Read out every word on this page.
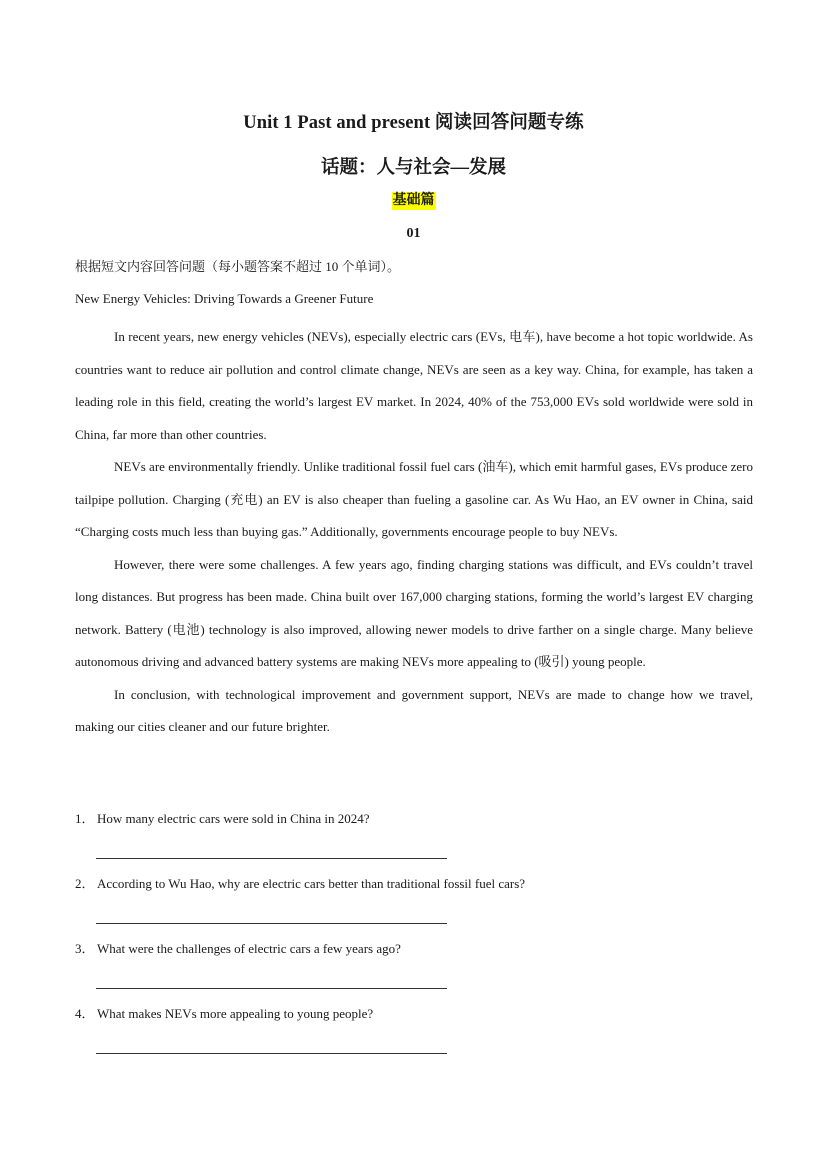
Unit 1 Past and present 阅读回答问题专练
话题：人与社会—发展
基础篇
01
根据短文内容回答问题（每小题答案不超过 10 个单词）。
New Energy Vehicles: Driving Towards a Greener Future

In recent years, new energy vehicles (NEVs), especially electric cars (EVs, 电车), have become a hot topic worldwide. As countries want to reduce air pollution and control climate change, NEVs are seen as a key way. China, for example, has taken a leading role in this field, creating the world’s largest EV market. In 2024, 40% of the 753,000 EVs sold worldwide were sold in China, far more than other countries.

NEVs are environmentally friendly. Unlike traditional fossil fuel cars (油车), which emit harmful gases, EVs produce zero tailpipe pollution. Charging (充电) an EV is also cheaper than fueling a gasoline car. As Wu Hao, an EV owner in China, said “Charging costs much less than buying gas.” Additionally, governments encourage people to buy NEVs.

However, there were some challenges. A few years ago, finding charging stations was difficult, and EVs couldn’t travel long distances. But progress has been made. China built over 167,000 charging stations, forming the world’s largest EV charging network. Battery (电池) technology is also improved, allowing newer models to drive farther on a single charge. Many believe autonomous driving and advanced battery systems are making NEVs more appealing to (吸引) young people.

In conclusion, with technological improvement and government support, NEVs are made to change how we travel, making our cities cleaner and our future brighter.

1． How many electric cars were sold in China in 2024?
2． According to Wu Hao, why are electric cars better than traditional fossil fuel cars?
3． What were the challenges of electric cars a few years ago?
4． What makes NEVs more appealing to young people?
